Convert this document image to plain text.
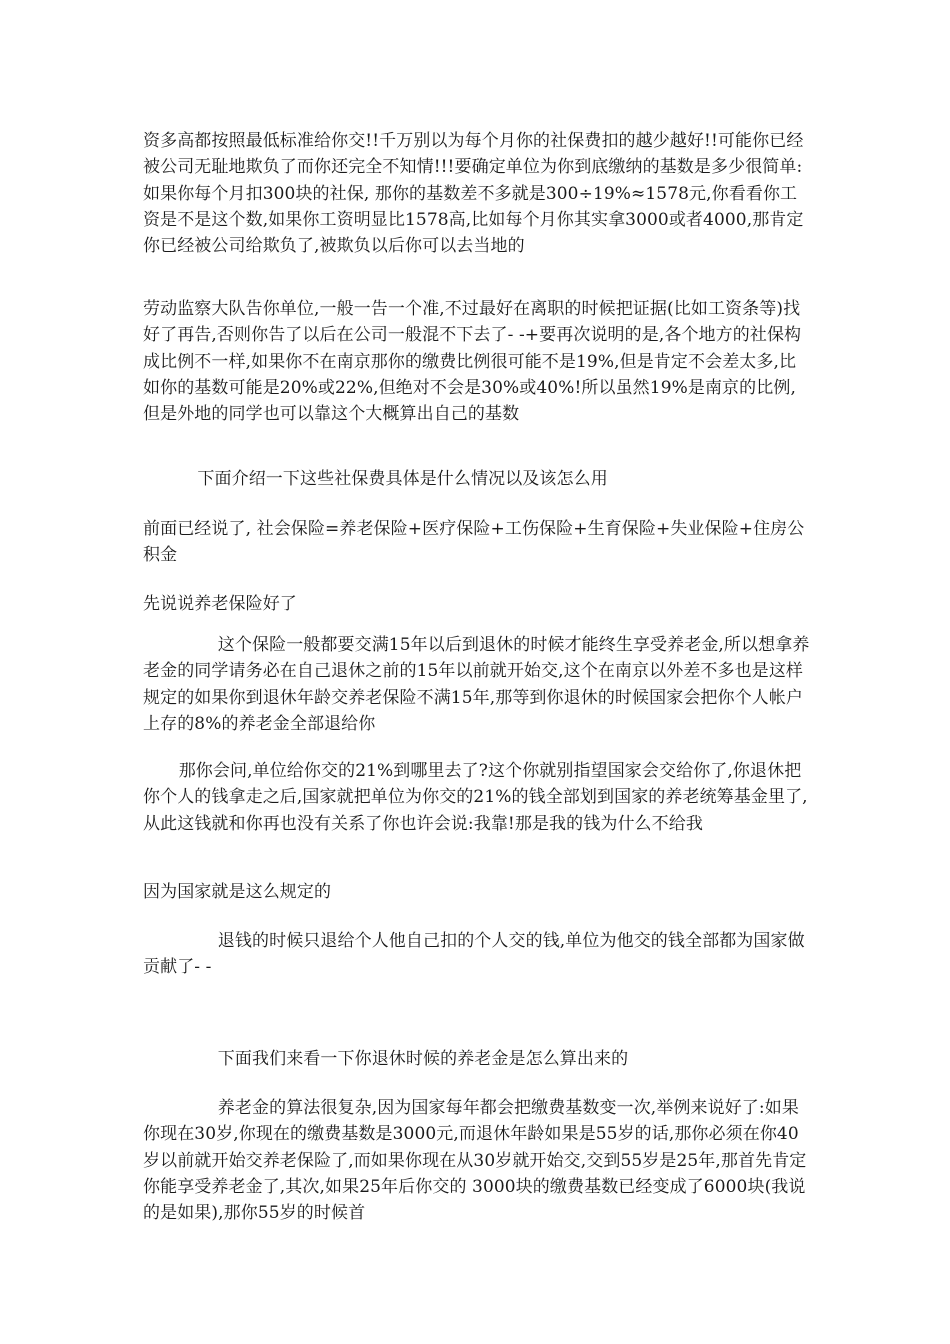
资多高都按照最低标准给你交!!千万别以为每个月你的社保费扣的越少越好!!可能你已经被公司无耻地欺负了而你还完全不知情!!!要确定单位为你到底缴纳的基数是多少很简单:如果你每个月扣300块的社保, 那你的基数差不多就是300÷19%≈1578元,你看看你工资是不是这个数,如果你工资明显比1578高,比如每个月你其实拿3000或者4000,那肯定你已经被公司给欺负了,被欺负以后你可以去当地的

劳动监察大队告你单位,一般一告一个准,不过最好在离职的时候把证据(比如工资条等)找好了再告,否则你告了以后在公司一般混不下去了- -+要再次说明的是,各个地方的社保构成比例不一样,如果你不在南京那你的缴费比例很可能不是19%,但是肯定不会差太多,比如你的基数可能是20%或22%,但绝对不会是30%或40%!所以虽然19%是南京的比例,但是外地的同学也可以靠这个大概算出自己的基数

下面介绍一下这些社保费具体是什么情况以及该怎么用

前面已经说了, 社会保险=养老保险+医疗保险+工伤保险+生育保险+失业保险+住房公积金

先说说养老保险好了

这个保险一般都要交满15年以后到退休的时候才能终生享受养老金,所以想拿养老金的同学请务必在自己退休之前的15年以前就开始交,这个在南京以外差不多也是这样规定的如果你到退休年龄交养老保险不满15年,那等到你退休的时候国家会把你个人帐户上存的8%的养老金全部退给你

那你会问,单位给你交的21%到哪里去了?这个你就别指望国家会交给你了,你退休把你个人的钱拿走之后,国家就把单位为你交的21%的钱全部划到国家的养老统筹基金里了,从此这钱就和你再也没有关系了你也许会说:我靠!那是我的钱为什么不给我

因为国家就是这么规定的

退钱的时候只退给个人他自己扣的个人交的钱,单位为他交的钱全部都为国家做贡献了- -

下面我们来看一下你退休时候的养老金是怎么算出来的

养老金的算法很复杂,因为国家每年都会把缴费基数变一次,举例来说好了:如果你现在30岁,你现在的缴费基数是3000元,而退休年龄如果是55岁的话,那你必须在你40岁以前就开始交养老保险了,而如果你现在从30岁就开始交,交到55岁是25年,那首先肯定你能享受养老金了,其次,如果25年后你交的 3000块的缴费基数已经变成了6000块(我说的是如果),那你55岁的时候首
